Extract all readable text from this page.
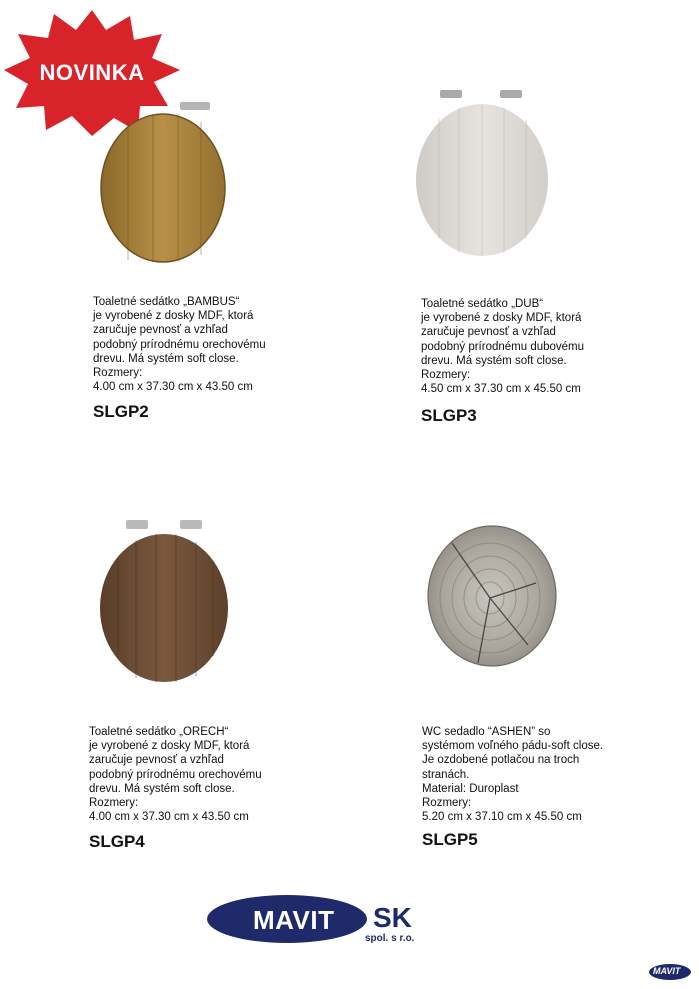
NOVINKA
Toaletné sedátko „BAMBUS“
je vyrobené z dosky MDF, ktorá
zaručuje pevnosť a vzhľad
podobný prírodnému orechovému
drevu. Má systém soft close.
Rozmery:
4.00 cm x 37.30 cm x 43.50 cm
SLGP2
Toaletné sedátko „DUB“
je vyrobené z dosky MDF, ktorá
zaručuje pevnosť a vzhľad
podobný prírodnému dubovému
drevu. Má systém soft close.
Rozmery:
4.50 cm x 37.30 cm x 45.50 cm
SLGP3
Toaletné sedátko „ORECH“
je vyrobené z dosky MDF, ktorá
zaručuje pevnosť a vzhľad
podobný prírodnému orechovému
drevu. Má systém soft close.
Rozmery:
4.00 cm x 37.30 cm x 43.50 cm
SLGP4
WC sedadlo “ASHEN” so
systémom voľného pádu-soft close.
Je ozdobené potlačou na troch
stranách.
Material: Duroplast
Rozmery:
5.20 cm x 37.10 cm x 45.50 cm
SLGP5
MAVIT SK
spol. s r.o.
MAVIT
